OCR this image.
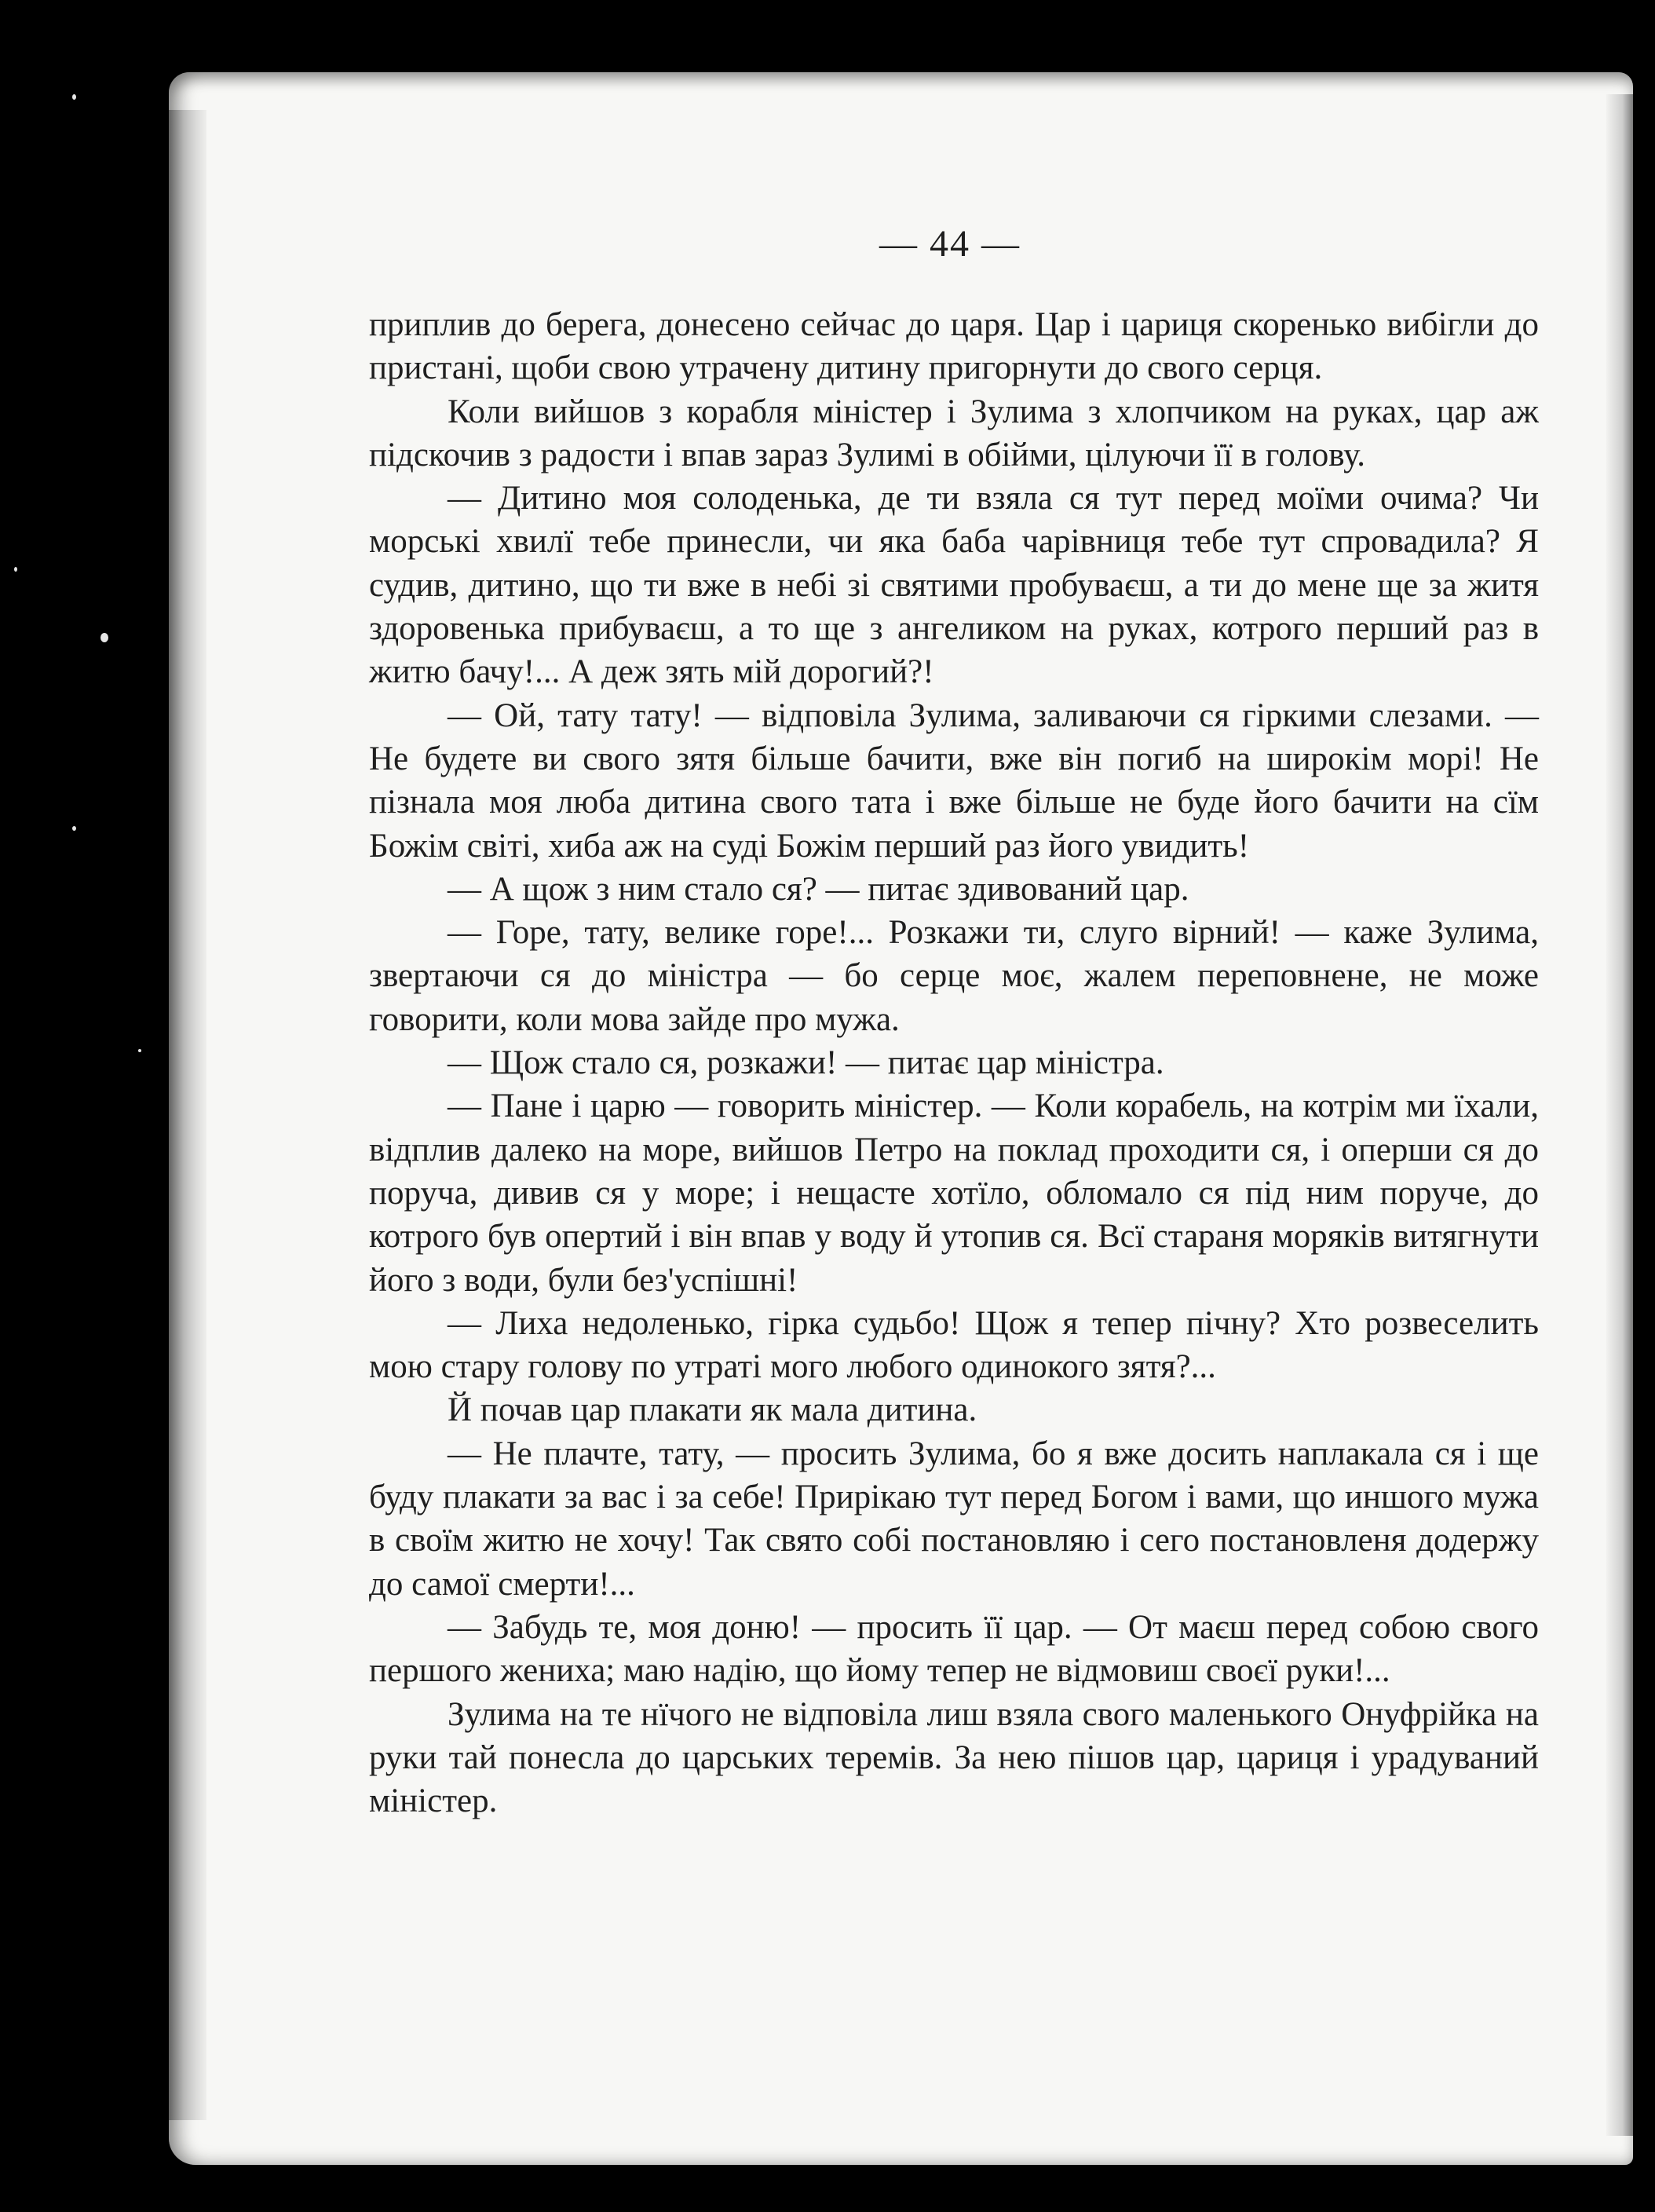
— 44 —

приплив до берега, донесено сейчас до царя. Цар і цариця скоренько вибігли до пристані, щоби свою утрачену дитину пригорнути до свого серця.

Коли вийшов з корабля міністер і Зулима з хлопчиком на руках, цар аж підскочив з радости і впав зараз Зулимі в обійми, цілуючи її в голову.

— Дитино моя солоденька, де ти взяла ся тут перед моїми очима? Чи морські хвилї тебе принесли, чи яка баба чарівниця тебе тут спровадила? Я судив, дитино, що ти вже в небі зі святими пробуваєш, а ти до мене ще за житя здоровенька прибуваєш, а то ще з ангеликом на руках, котрого перший раз в житю бачу!... А деж зять мій дорогий?!

— Ой, тату тату! — відповіла Зулима, заливаючи ся гіркими слезами. — Не будете ви свого зятя більше бачити, вже він погиб на широкім морі! Не пізнала моя люба дитина свого тата і вже більше не буде його бачити на сїм Божім світі, хиба аж на суді Божім перший раз його увидить!

— А щож з ним стало ся? — питає здивований цар.

— Горе, тату, велике горе!... Розкажи ти, слуго вірний! — каже Зулима, звертаючи ся до міністра — бо серце моє, жалем переповнене, не може говорити, коли мова зайде про мужа.

— Щож стало ся, розкажи! — питає цар міністра.

— Пане і царю — говорить міністер. — Коли корабель, на котрім ми їхали, відплив далеко на море, вийшов Петро на поклад проходити ся, і оперши ся до поруча, дивив ся у море; і нещасте хотїло, обломало ся під ним поруче, до котрого був опертий і він впав у воду й утопив ся. Всї стараня моряків витягнути його з води, були без'успішні!

— Лиха недоленько, гірка судьбо! Щож я тепер пічну? Хто розвеселить мою стару голову по утраті мого любого одинокого зятя?...

Й почав цар плакати як мала дитина.

— Не плачте, тату, — просить Зулима, бо я вже досить наплакала ся і ще буду плакати за вас і за себе! Прирікаю тут перед Богом і вами, що иншого мужа в своїм житю не хочу! Так свято собі постановляю і сего постановленя додержу до самої смерти!...

— Забудь те, моя доню! — просить її цар. — От маєш перед собою свого першого жениха; маю надію, що йому тепер не відмовиш своєї руки!...

Зулима на те нїчого не відповіла лиш взяла свого маленького Онуфрійка на руки тай понесла до царських теремів. За нею пішов цар, цариця і урадуваний міністер.
